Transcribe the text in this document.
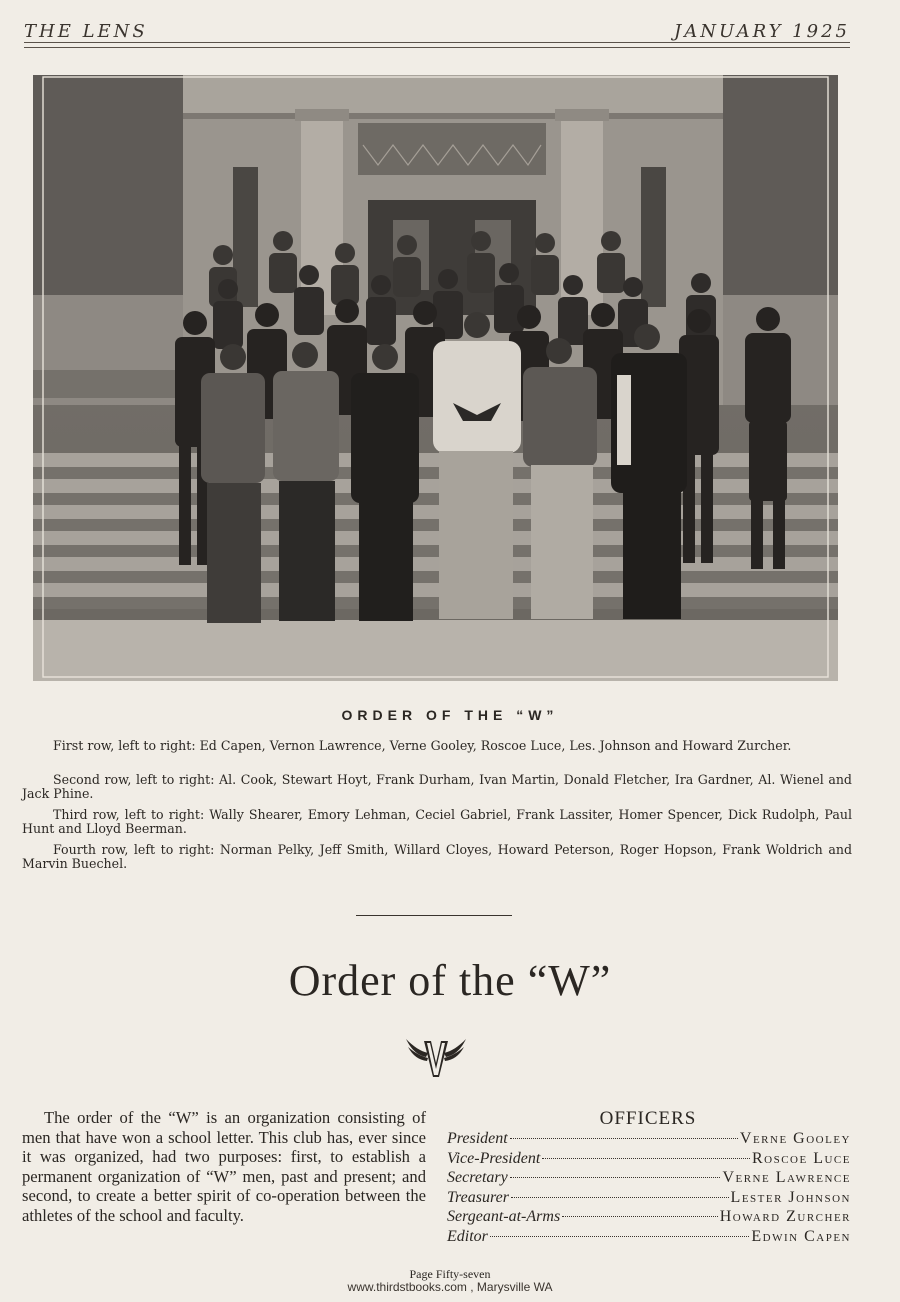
THE LENS	JANUARY 1925
ORDER OF THE “W”
First row, left to right: Ed Capen, Vernon Lawrence, Verne Gooley, Roscoe Luce, Les. Johnson and Howard Zurcher.
Second row, left to right: Al. Cook, Stewart Hoyt, Frank Durham, Ivan Martin, Donald Fletcher, Ira Gardner, Al. Wienel and Jack Phine.
Third row, left to right: Wally Shearer, Emory Lehman, Ceciel Gabriel, Frank Lassiter, Homer Spencer, Dick Rudolph, Paul Hunt and Lloyd Beerman.
Fourth row, left to right: Norman Pelky, Jeff Smith, Willard Cloyes, Howard Peterson, Roger Hopson, Frank Woldrich and Marvin Buechel.
Order of the “W”
The order of the “W” is an organization consisting of men that have won a school letter. This club has, ever since it was organized, had two purposes: first, to establish a permanent organization of “W” men, past and present; and second, to create a better spirit of co-operation between the athletes of the school and faculty.
OFFICERS
President	Verne Gooley
Vice-President	Roscoe Luce
Secretary	Verne Lawrence
Treasurer	Lester Johnson
Sergeant-at-Arms	Howard Zurcher
Editor	Edwin Capen
Page Fifty-seven
www.thirdstbooks.com , Marysville WA
